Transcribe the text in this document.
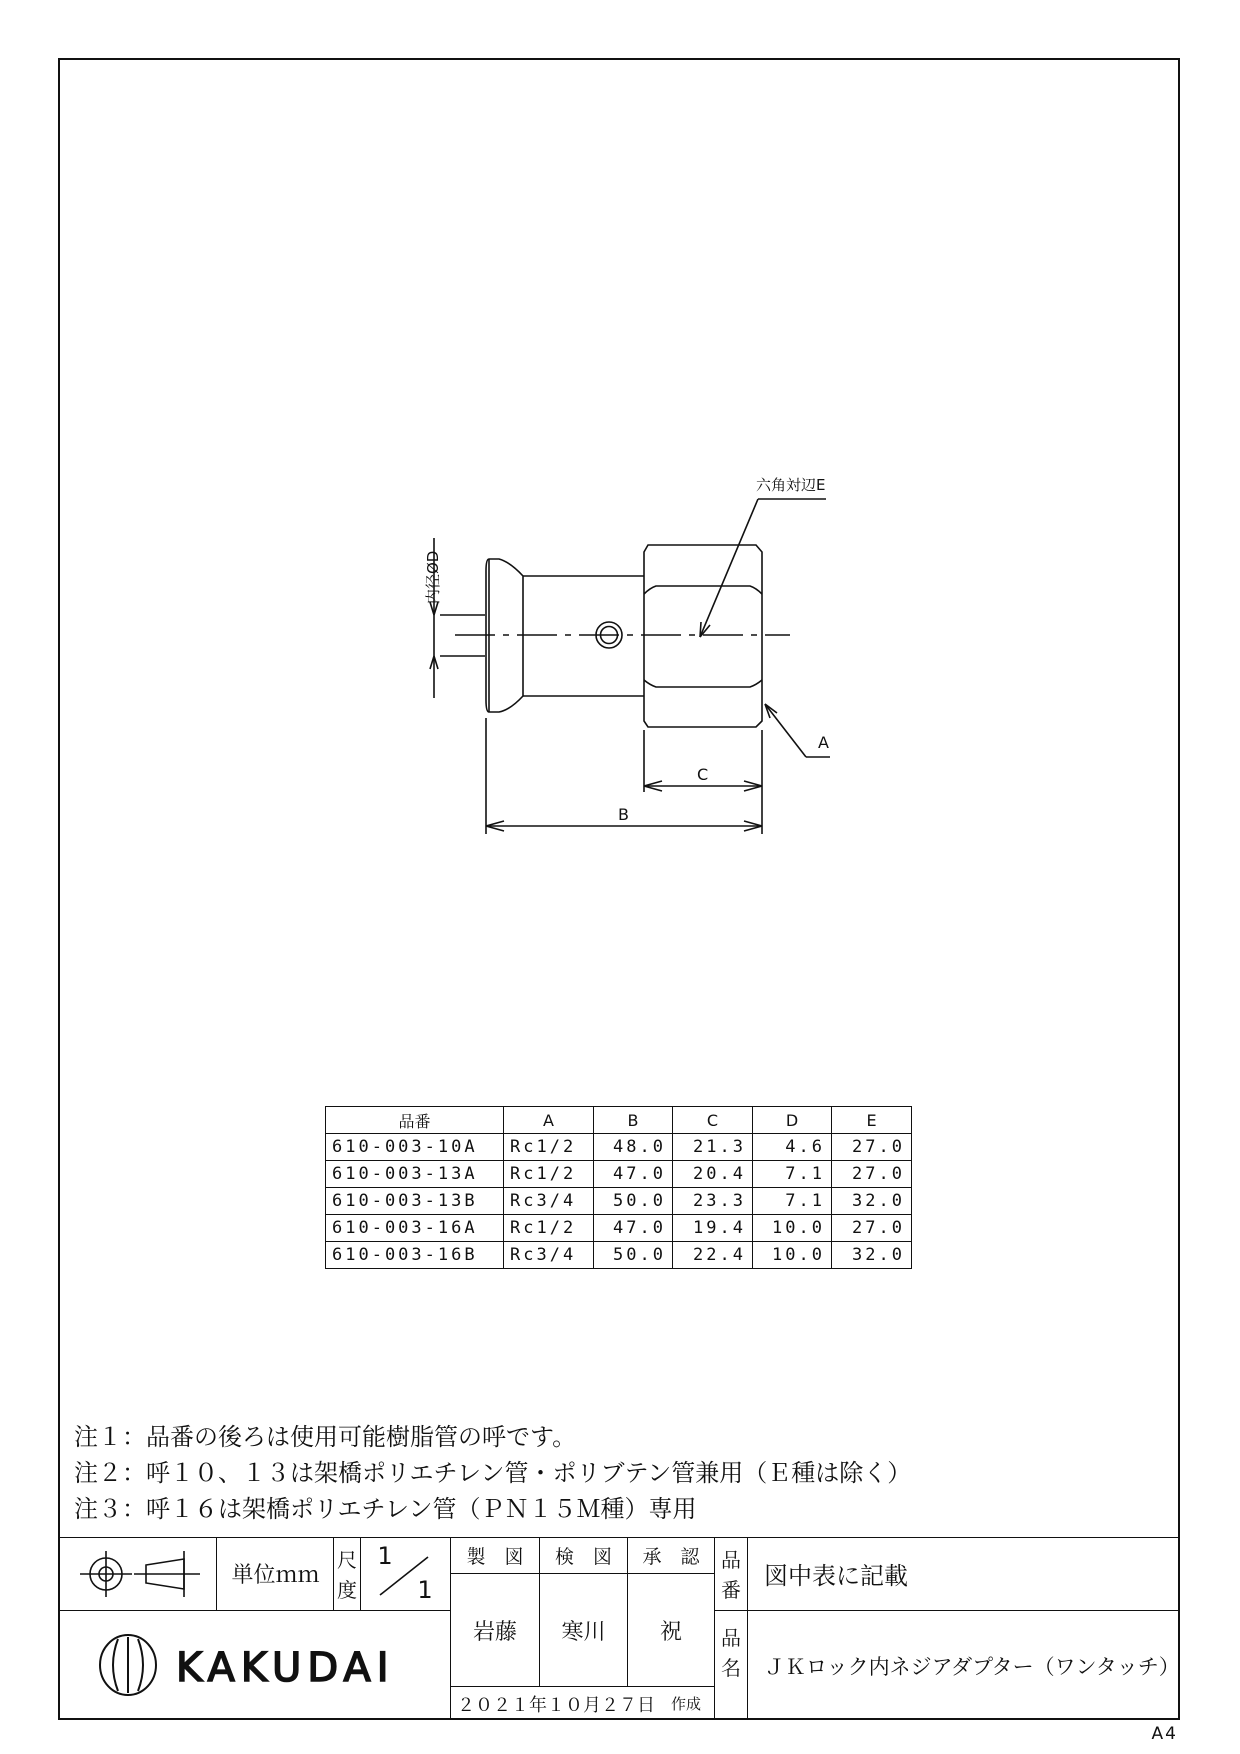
六角対辺E
内径ØD
A
B
C
品番	A	B	C	D	E
610-003-10A	Rc1/2	48.0	21.3	4.6	27.0
610-003-13A	Rc1/2	47.0	20.4	7.1	27.0
610-003-13B	Rc3/4	50.0	23.3	7.1	32.0
610-003-16A	Rc1/2	47.0	19.4	10.0	27.0
610-003-16B	Rc3/4	50.0	22.4	10.0	32.0
注１：品番の後ろは使用可能樹脂管の呼です。
注２：呼１０、１３は架橋ポリエチレン管・ポリブテン管兼用（Ｅ種は除く）
注３：呼１６は架橋ポリエチレン管（ＰＮ１５Ｍ種）専用
単位ｍｍ
尺
度
1
1
製　図	検　図	承　認
岩藤	寒川	祝
２０２１年１０月２７日 作成
品
番 図中表に記載
品
名 ＪＫロック内ネジアダプター（ワンタッチ）
KAKUDAI
A4
